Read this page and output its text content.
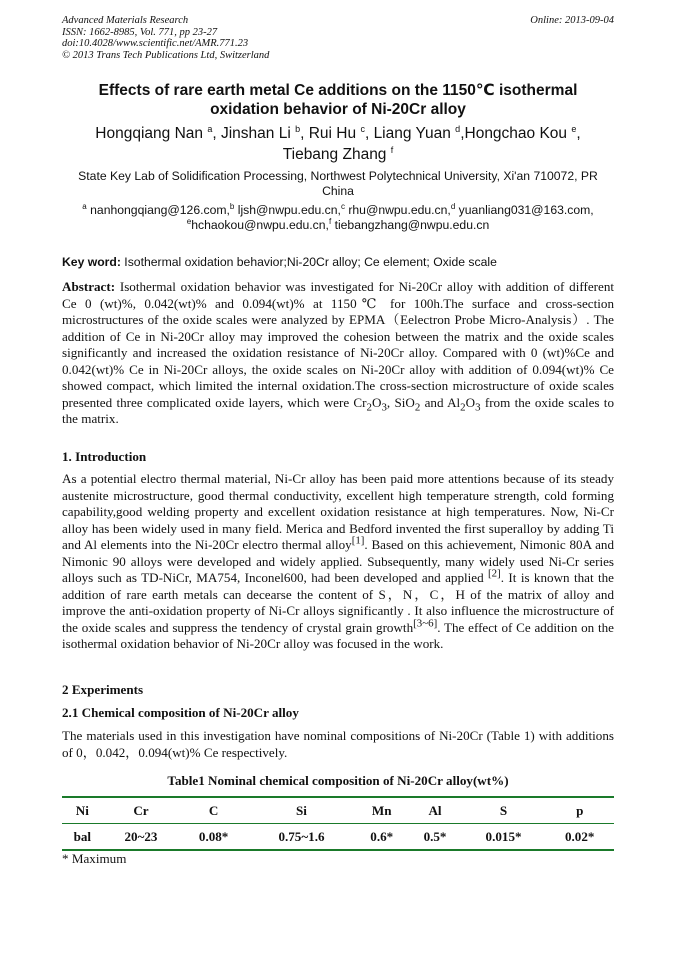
Advanced Materials Research
ISSN: 1662-8985, Vol. 771, pp 23-27
doi:10.4028/www.scientific.net/AMR.771.23
© 2013 Trans Tech Publications Ltd, Switzerland
Online: 2013-09-04
Effects of rare earth metal Ce additions on the 1150℃ isothermal
oxidation behavior of Ni-20Cr alloy
Hongqiang Nan $^a$, Jinshan Li $^b$, Rui Hu $^c$, Liang Yuan $^d$,Hongchao Kou $^e$,
Tiebang Zhang $^f$
State Key Lab of Solidification Processing, Northwest Polytechnical University, Xi'an 710072, PR
China
$^a$ nanhongqiang@126.com,$^b$ ljsh@nwpu.edu.cn,$^c$ rhu@nwpu.edu.cn,$^d$ yuanliang031@163.com,
$^e$hchaokou@nwpu.edu.cn,$^f$ tiebangzhang@nwpu.edu.cn
Key word: Isothermal oxidation behavior;Ni-20Cr alloy; Ce element; Oxide scale
Abstract: Isothermal oxidation behavior was investigated for Ni-20Cr alloy with addition of different Ce 0 (wt)%, 0.042(wt)% and 0.094(wt)% at 1150℃ for 100h.The surface and cross-section microstructures of the oxide scales were analyzed by EPMA（Eelectron Probe Micro-Analysis）. The addition of Ce in Ni-20Cr alloy may improved the cohesion between the matrix and the oxide scales significantly and increased the oxidation resistance of Ni-20Cr alloy. Compared with 0 (wt)%Ce and 0.042(wt)% Ce in Ni-20Cr alloys, the oxide scales on Ni-20Cr alloy with addition of 0.094(wt)% Ce showed compact, which limited the internal oxidation.The cross-section microstructure of oxide scales presented three complicated oxide layers, which were $Cr_2O_3$, SiO$_2$ and $Al_2O_3$ from the oxide scales to the matrix.
1. Introduction
As a potential electro thermal material, Ni-Cr alloy has been paid more attentions because of its steady austenite microstructure, good thermal conductivity, excellent high temperature strength, cold forming capability,good welding property and excellent oxidation resistance at high temperatures. Now, Ni-Cr alloy has been widely used in many field. Merica and Bedford invented the first superalloy by adding Ti and Al elements into the Ni-20Cr electro thermal alloy[1]. Based on this achievement, Nimonic 80A and Nimonic 90 alloys were developed and widely applied. Subsequently, many widely used Ni-Cr series alloys such as TD-NiCr, MA754, Inconel600, had been developed and applied [2]. It is known that the addition of rare earth metals can decearse the content of S，N，C，H of the matrix of alloy and improve the anti-oxidation property of Ni-Cr alloys significantly . It also influence the microstructure of the oxide scales and suppress the tendency of crystal grain growth[3~6]. The effect of Ce addition on the isothermal oxidation behavior of Ni-20Cr alloy was focused in the work.
2 Experiments
2.1 Chemical composition of Ni-20Cr alloy
The materials used in this investigation have nominal compositions of Ni-20Cr (Table 1) with additions of 0，0.042，0.094(wt)% Ce respectively.
Table1 Nominal chemical composition of Ni-20Cr alloy(wt%)
Ni	Cr	C	Si	Mn	Al	S	p
bal	20~23	0.08*	0.75~1.6	0.6*	0.5*	0.015*	0.02*
* Maximum
